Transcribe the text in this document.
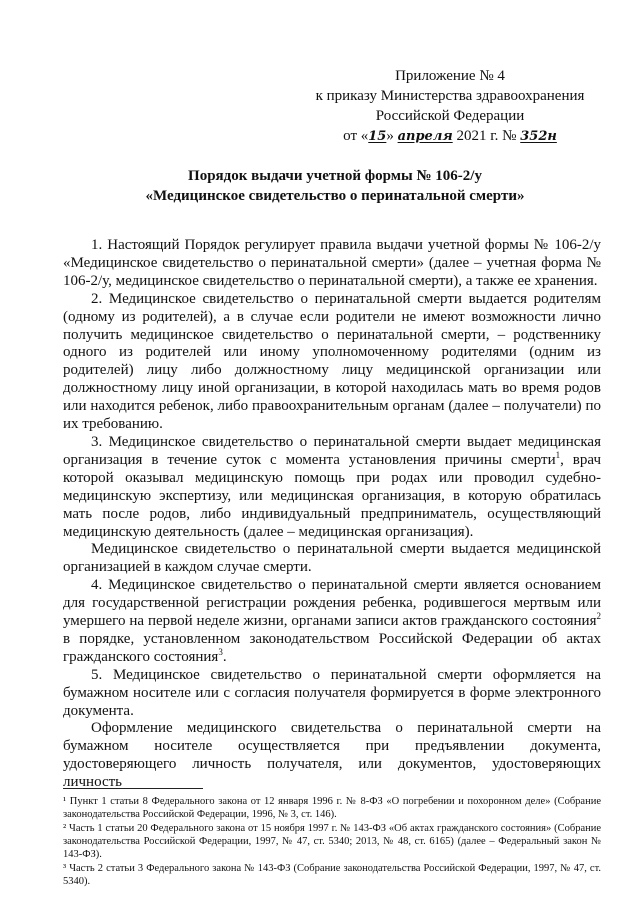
Приложение № 4
к приказу Министерства здравоохранения
Российской Федерации
от «15» апреля 2021 г. № 352н
Порядок выдачи учетной формы № 106-2/у
«Медицинское свидетельство о перинатальной смерти»

1. Настоящий Порядок регулирует правила выдачи учетной формы № 106-2/у «Медицинское свидетельство о перинатальной смерти» (далее – учетная форма № 106-2/у, медицинское свидетельство о перинатальной смерти), а также ее хранения.

2. Медицинское свидетельство о перинатальной смерти выдается родителям (одному из родителей), а в случае если родители не имеют возможности лично получить медицинское свидетельство о перинатальной смерти, – родственнику одного из родителей или иному уполномоченному родителями (одним из родителей) лицу либо должностному лицу медицинской организации или должностному лицу иной организации, в которой находилась мать во время родов или находится ребенок, либо правоохранительным органам (далее – получатели) по их требованию.

3. Медицинское свидетельство о перинатальной смерти выдает медицинская организация в течение суток с момента установления причины смерти$^1$, врач которой оказывал медицинскую помощь при родах или проводил судебно-медицинскую экспертизу, или медицинская организация, в которую обратилась мать после родов, либо индивидуальный предприниматель, осуществляющий медицинскую деятельность (далее – медицинская организация).

Медицинское свидетельство о перинатальной смерти выдается медицинской организацией в каждом случае смерти.

4. Медицинское свидетельство о перинатальной смерти является основанием для государственной регистрации рождения ребенка, родившегося мертвым или умершего на первой неделе жизни, органами записи актов гражданского состояния$^2$ в порядке, установленном законодательством Российской Федерации об актах гражданского состояния$^3$.

5. Медицинское свидетельство о перинатальной смерти оформляется на бумажном носителе или с согласия получателя формируется в форме электронного документа.

Оформление медицинского свидетельства о перинатальной смерти на бумажном носителе осуществляется при предъявлении документа, удостоверяющего личность получателя, или документов, удостоверяющих личность

¹ Пункт 1 статьи 8 Федерального закона от 12 января 1996 г. № 8-ФЗ «О погребении и похоронном деле» (Собрание законодательства Российской Федерации, 1996, № 3, ст. 146).

² Часть 1 статьи 20 Федерального закона от 15 ноября 1997 г. № 143-ФЗ «Об актах гражданского состояния» (Собрание законодательства Российской Федерации, 1997, № 47, ст. 5340; 2013, № 48, ст. 6165) (далее – Федеральный закон № 143-ФЗ).

³ Часть 2 статьи 3 Федерального закона № 143-ФЗ (Собрание законодательства Российской Федерации, 1997, № 47, ст. 5340).
